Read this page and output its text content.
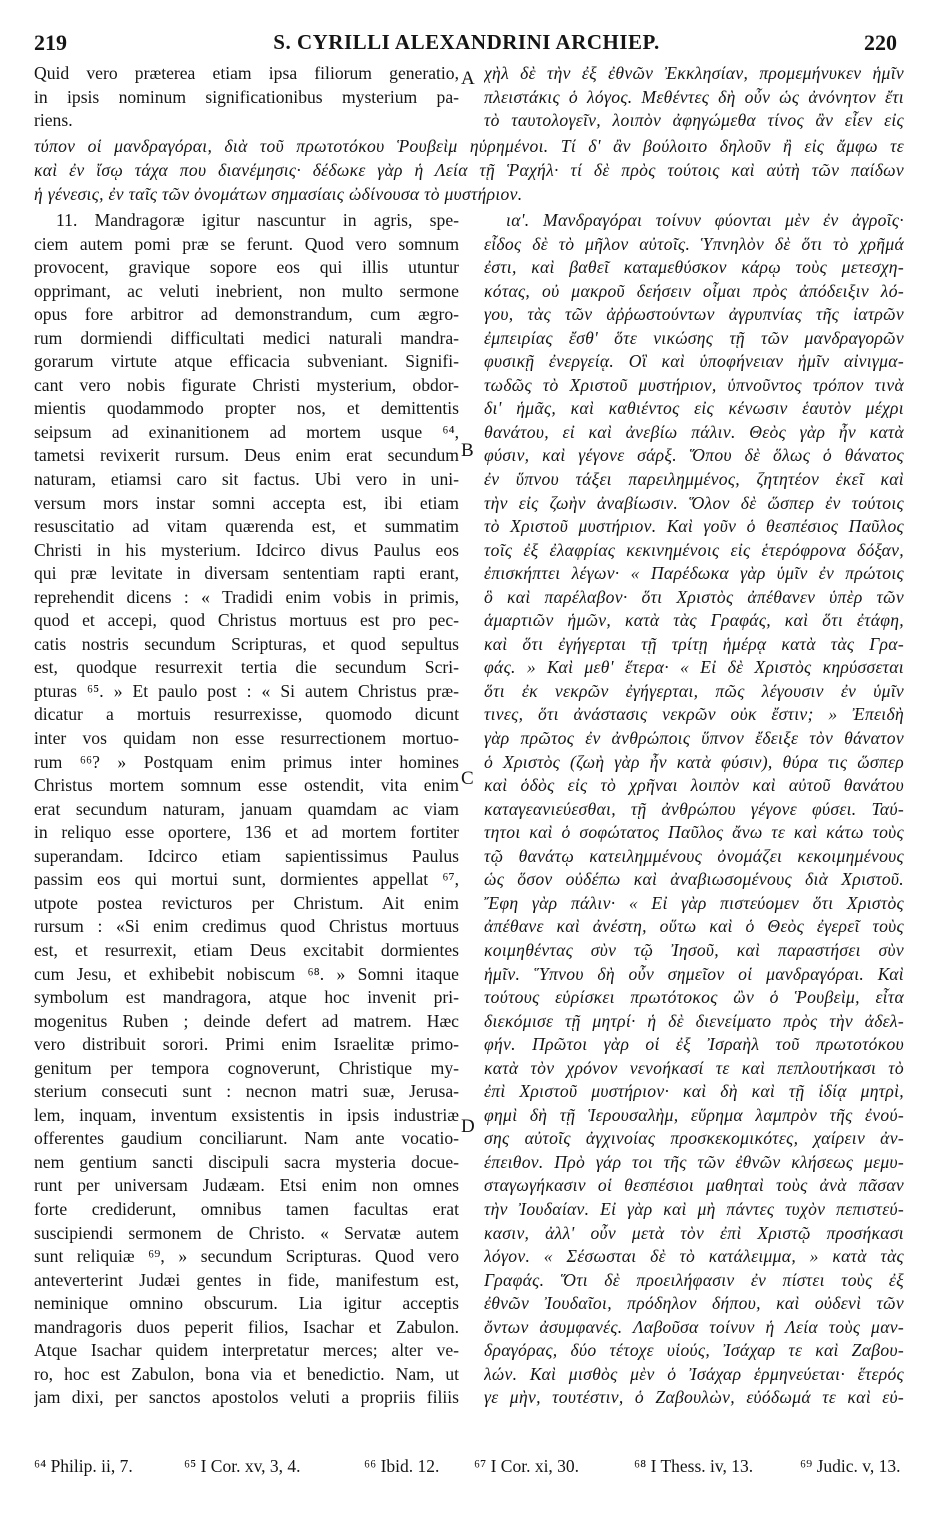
219	S. CYRILLI ALEXANDRINI ARCHIEP.	220
Quid vero præterea etiam ipsa filiorum generatio,
in ipsis nominum significationibus mysterium pa-
riens.
χὴλ δὲ τὴν ἐξ ἐθνῶν Ἐκκλησίαν, προμεμήνυκεν ἡμῖν
πλειστάκις ὁ λόγος. Μεθέντες δὴ οὖν ὡς ἀνόνητον ἔτι
τὸ ταυτολογεῖν, λοιπὸν ἀφηγώμεθα τίνος ἂν εἶεν εἰς
τύπον οἱ μανδραγόραι, διὰ τοῦ πρωτοτόκου Ῥουβεὶμ ηὑρημένοι. Τί δ' ἂν βούλοιτο δηλοῦν ἢ εἰς ἄμφω τε
καὶ ἐν ἴσῳ τάχα που διανέμησις· δέδωκε γὰρ ἡ Λεία τῇ Ῥαχήλ· τί δὲ πρὸς τούτοις καὶ αὐτὴ τῶν παίδων
ἡ γένεσις, ἐν ταῖς τῶν ὀνομάτων σημασίαις ὠδίνουσα τὸ μυστήριον.
A
B
C
D
11. Mandragoræ igitur nascuntur in agris, spe-
ciem autem pomi præ se ferunt. Quod vero somnum
provocent, gravique sopore eos qui illis utuntur
opprimant, ac veluti inebrient, non multo sermone
opus fore arbitror ad demonstrandum, cum ægro-
rum dormiendi difficultati medici naturali mandra-
gorarum virtute atque efficacia subveniant. Signifi-
cant vero nobis figurate Christi mysterium, obdor-
mientis quodammodo propter nos, et demittentis
seipsum ad exinanitionem ad mortem usque ⁶⁴,
tametsi revixerit rursum. Deus enim erat secundum
naturam, etiamsi caro sit factus. Ubi vero in uni-
versum mors instar somni accepta est, ibi etiam
resuscitatio ad vitam quærenda est, et summatim
Christi in his mysterium. Idcirco divus Paulus eos
qui præ levitate in diversam sententiam rapti erant,
reprehendit dicens : « Tradidi enim vobis in primis,
quod et accepi, quod Christus mortuus est pro pec-
catis nostris secundum Scripturas, et quod sepultus
est, quodque resurrexit tertia die secundum Scri-
pturas ⁶⁵. » Et paulo post : « Si autem Christus præ-
dicatur a mortuis resurrexisse, quomodo dicunt
inter vos quidam non esse resurrectionem mortuo-
rum ⁶⁶? » Postquam enim primus inter homines
Christus mortem somnum esse ostendit, vita enim
erat secundum naturam, januam quamdam ac viam
in reliquo esse oportere, 136 et ad mortem fortiter
superandam. Idcirco etiam sapientissimus Paulus
passim eos qui mortui sunt, dormientes appellat ⁶⁷,
utpote postea revicturos per Christum. Ait enim
rursum : «Si enim credimus quod Christus mortuus
est, et resurrexit, etiam Deus excitabit dormientes
cum Jesu, et exhibebit nobiscum ⁶⁸. » Somni itaque
symbolum est mandragora, atque hoc invenit pri-
mogenitus Ruben ; deinde defert ad matrem. Hæc
vero distribuit sorori. Primi enim Israelitæ primo-
genitum per tempora cognoverunt, Christique my-
sterium consecuti sunt : necnon matri suæ, Jerusa-
lem, inquam, inventum exsistentis in ipsis industriæ
offerentes gaudium conciliarunt. Nam ante vocatio-
nem gentium sancti discipuli sacra mysteria docue-
runt per universam Judæam. Etsi enim non omnes
forte crediderunt, omnibus tamen facultas erat
suscipiendi sermonem de Christo. « Servatæ autem
sunt reliquiæ ⁶⁹, » secundum Scripturas. Quod vero
anteverterint Judæi gentes in fide, manifestum est,
neminique omnino obscurum. Lia igitur acceptis
mandragoris duos peperit filios, Isachar et Zabulon.
Atque Isachar quidem interpretatur merces; alter ve-
ro, hoc est Zabulon, bona via et benedictio. Nam, ut
jam dixi, per sanctos apostolos veluti a propriis filiis
ια'. Μανδραγόραι τοίνυν φύονται μὲν ἐν ἀγροῖς·
εἶδος δὲ τὸ μῆλον αὐτοῖς. Ὑπνηλὸν δὲ ὅτι τὸ χρῆμά
ἐστι, καὶ βαθεῖ καταμεθύσκον κάρῳ τοὺς μετεσχη-
κότας, οὐ μακροῦ δεήσειν οἶμαι πρὸς ἀπόδειξιν λό-
γου, τὰς τῶν ἀῤῥωστούντων ἀγρυπνίας τῆς ἰατρῶν
ἐμπειρίας ἔσθ' ὅτε νικώσης τῇ τῶν μανδραγορῶν
φυσικῇ ἐνεργείᾳ. Οἳ καὶ ὑποφήνειαν ἡμῖν αἰνιγμα-
τωδῶς τὸ Χριστοῦ μυστήριον, ὑπνοῦντος τρόπον τινὰ
δι' ἡμᾶς, καὶ καθιέντος εἰς κένωσιν ἑαυτὸν μέχρι
θανάτου, εἰ καὶ ἀνεβίω πάλιν. Θεὸς γὰρ ἦν κατὰ
φύσιν, καὶ γέγονε σάρξ. Ὅπου δὲ ὅλως ὁ θάνατος
ἐν ὕπνου τάξει παρειλημμένος, ζητητέον ἐκεῖ καὶ
τὴν εἰς ζωὴν ἀναβίωσιν. Ὅλον δὲ ὥσπερ ἐν τούτοις
τὸ Χριστοῦ μυστήριον. Καὶ γοῦν ὁ θεσπέσιος Παῦλος
τοῖς ἐξ ἐλαφρίας κεκινημένοις εἰς ἑτερόφρονα δόξαν,
ἐπισκήπτει λέγων· « Παρέδωκα γὰρ ὑμῖν ἐν πρώτοις
ὃ καὶ παρέλαβον· ὅτι Χριστὸς ἀπέθανεν ὑπὲρ τῶν
ἁμαρτιῶν ἡμῶν, κατὰ τὰς Γραφάς, καὶ ὅτι ἐτάφη,
καὶ ὅτι ἐγήγερται τῇ τρίτῃ ἡμέρᾳ κατὰ τὰς Γρα-
φάς. » Καὶ μεθ' ἕτερα· « Εἰ δὲ Χριστὸς κηρύσσεται
ὅτι ἐκ νεκρῶν ἐγήγερται, πῶς λέγουσιν ἐν ὑμῖν
τινες, ὅτι ἀνάστασις νεκρῶν οὐκ ἔστιν; » Ἐπειδὴ
γὰρ πρῶτος ἐν ἀνθρώποις ὕπνον ἔδειξε τὸν θάνατον
ὁ Χριστὸς (ζωὴ γὰρ ἦν κατὰ φύσιν), θύρα τις ὥσπερ
καὶ ὁδὸς εἰς τὸ χρῆναι λοιπὸν καὶ αὐτοῦ θανάτου
καταγεανιεύεσθαι, τῇ ἀνθρώπου γέγονε φύσει. Ταύ-
τητοι καὶ ὁ σοφώτατος Παῦλος ἄνω τε καὶ κάτω τοὺς
τῷ θανάτῳ κατειλημμένους ὀνομάζει κεκοιμημένους
ὡς ὅσον οὐδέπω καὶ ἀναβιωσομένους διὰ Χριστοῦ.
Ἔφη γὰρ πάλιν· « Εἰ γὰρ πιστεύομεν ὅτι Χριστὸς
ἀπέθανε καὶ ἀνέστη, οὕτω καὶ ὁ Θεὸς ἐγερεῖ τοὺς
κοιμηθέντας σὺν τῷ Ἰησοῦ, καὶ παραστήσει σὺν
ἡμῖν. Ὕπνου δὴ οὖν σημεῖον οἱ μανδραγόραι. Καὶ
τούτους εὑρίσκει πρωτότοκος ὢν ὁ Ῥουβεὶμ, εἶτα
διεκόμισε τῇ μητρί· ἡ δὲ διενείματο πρὸς τὴν ἀδελ-
φήν. Πρῶτοι γὰρ οἱ ἐξ Ἰσραὴλ τοῦ πρωτοτόκου
κατὰ τὸν χρόνον νενοήκασί τε καὶ πεπλουτήκασι τὸ
ἐπὶ Χριστοῦ μυστήριον· καὶ δὴ καὶ τῇ ἰδίᾳ μητρὶ,
φημὶ δὴ τῇ Ἱερουσαλὴμ, εὕρημα λαμπρὸν τῆς ἐνού-
σης αὐτοῖς ἀγχινοίας προσκεκομικότες, χαίρειν ἀν-
έπειθον. Πρὸ γάρ τοι τῆς τῶν ἐθνῶν κλήσεως μεμυ-
σταγωγήκασιν οἱ θεσπέσιοι μαθηταὶ τοὺς ἀνὰ πᾶσαν
τὴν Ἰουδαίαν. Εἰ γὰρ καὶ μὴ πάντες τυχὸν πεπιστεύ-
κασιν, ἀλλ' οὖν μετὰ τὸν ἐπὶ Χριστῷ προσήκασι
λόγον. « Σέσωσται δὲ τὸ κατάλειμμα, » κατὰ τὰς
Γραφάς. Ὅτι δὲ προειλήφασιν ἐν πίστει τοὺς ἐξ
ἐθνῶν Ἰουδαῖοι, πρόδηλον δήπου, καὶ οὐδενὶ τῶν
ὄντων ἀσυμφανές. Λαβοῦσα τοίνυν ἡ Λεία τοὺς μαν-
δραγόρας, δύο τέτοχε υἱούς, Ἰσάχαρ τε καὶ Ζαβου-
λών. Καὶ μισθὸς μὲν ὁ Ἰσάχαρ ἑρμηνεύεται· ἕτερός
γε μὴν, τουτέστιν, ὁ Ζαβουλὼν, εὐόδωμά τε καὶ εὐ-
⁶⁴ Philip. ii, 7.	⁶⁵ I Cor. xv, 3, 4.	⁶⁶ Ibid. 12. ⁶⁷ I Cor. xi, 30.	⁶⁸ I Thess. iv, 13.	⁶⁹ Judic. v, 13.
